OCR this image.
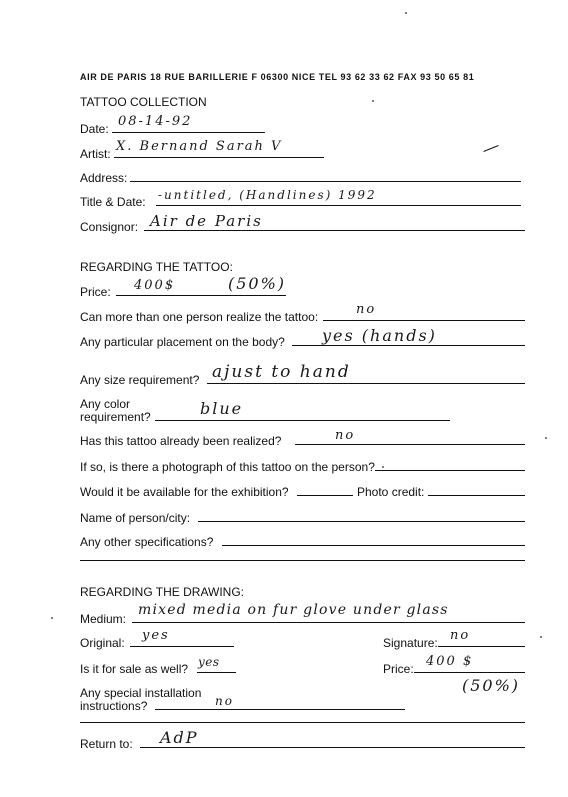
AIR DE PARIS 18 RUE BARILLERIE F 06300 NICE TEL 93 62 33 62 FAX 93 50 65 81
TATTOO COLLECTION
Date: 08-14-92
Artist: X. Bernand Sarah V
Address:
Title & Date: -untitled, (Handlines) 1992
Consignor: Air de Paris
REGARDING THE TATTOO:
Price: 400$	(50%)
Can more than one person realize the tattoo:	no
Any particular placement on the body? yes (hands)
Any size requirement? ajust to hand
Any color
requirement?	blue
Has this tattoo already been realized?	no
If so, is there a photograph of this tattoo on the person?
Would it be available for the exhibition?	Photo credit:
Name of person/city:
Any other specifications?
REGARDING THE DRAWING:
Medium:
mixed media on fur glove under glass
Original: yes	Signature: no
Is it for sale as well? yes	Price: 400 $
(50%)
Any special installation
instructions?	no
Return to: AdP
